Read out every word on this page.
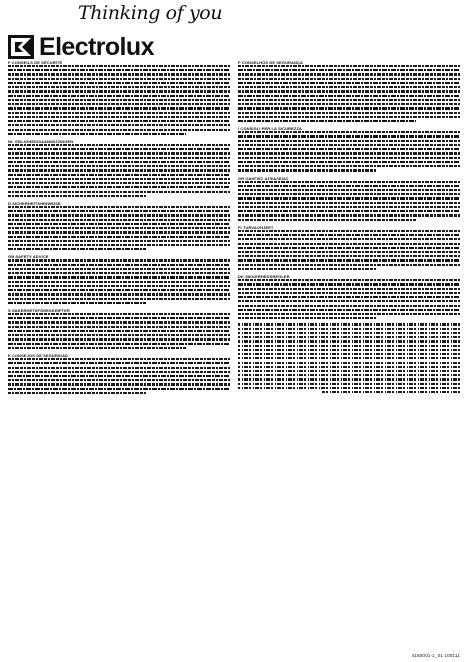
Thinking of you
Electrolux
F CONSEILS DE SÉCURITÉ
NL VEILIGHEIDSAANWIJZINGEN
D SICHERHEITSHINWEISE
GB SAFETY ADVICE
S SÄKERHETSFÖRESKRIFTER
E CONSEJOS DE SEGURIDAD
P CONSELHOS DE SEGURANÇA
I CONSIGLI PER LA SICUREZZA
GR ΟΔΗΓΙΕΣ ΑΣΦΑΛΕΙΑΣ
FI TURVAOHJEET
DK SIKKERHEDSREGLER
4160001-1_01 100111
